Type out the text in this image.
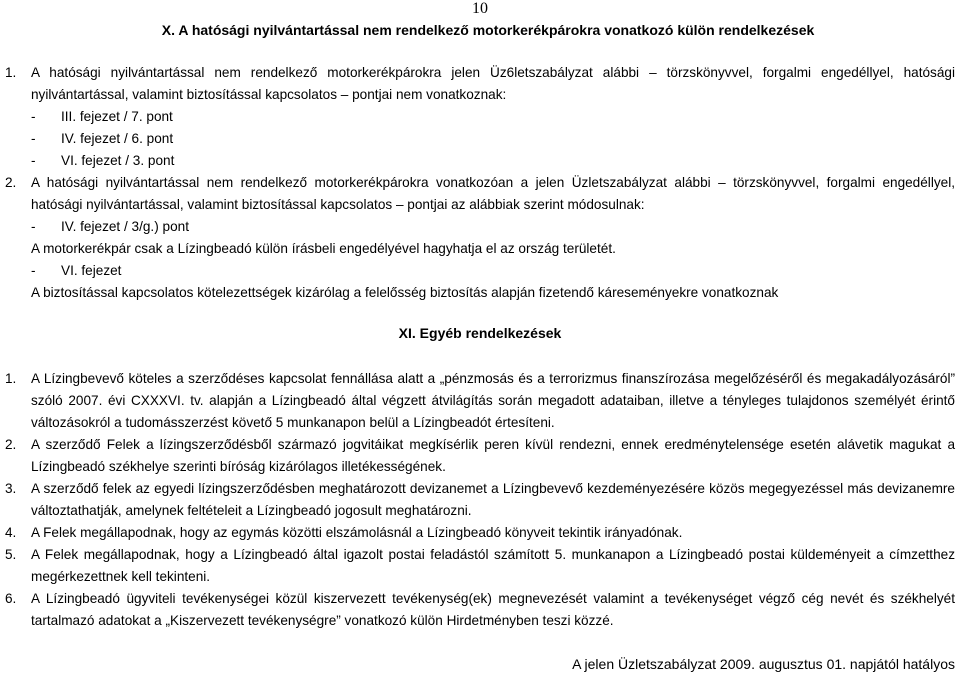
10
X. A hatósági nyilvántartással nem rendelkező motorkerékpárokra vonatkozó külön rendelkezések
1. A hatósági nyilvántartással nem rendelkező motorkerékpárokra jelen Üz6letszabályzat alábbi – törzskönyvvel, forgalmi engedéllyel, hatósági nyilvántartással, valamint biztosítással kapcsolatos – pontjai nem vonatkoznak:
- III. fejezet / 7. pont
- IV. fejezet / 6. pont
- VI. fejezet / 3. pont
2. A hatósági nyilvántartással nem rendelkező motorkerékpárokra vonatkozóan a jelen Üzletszabályzat alábbi – törzskönyvvel, forgalmi engedéllyel, hatósági nyilvántartással, valamint biztosítással kapcsolatos – pontjai az alábbiak szerint módosulnak:
- IV. fejezet / 3/g.) pont
A motorkerékpár csak a Lízingbeadó külön írásbeli engedélyével hagyhatja el az ország területét.
- VI. fejezet
A biztosítással kapcsolatos kötelezettségek kizárólag a felelősség biztosítás alapján fizetendő káreseményekre vonatkoznak
XI. Egyéb rendelkezések
1. A Lízingbevevő köteles a szerződéses kapcsolat fennállása alatt a „pénzmosás és a terrorizmus finanszírozása megelőzéséről és megakadályozásáról” szóló 2007. évi CXXXVI. tv. alapján a Lízingbeadó által végzett átvilágítás során megadott adataiban, illetve a tényleges tulajdonos személyét érintő változásokról a tudomásszerzést követő 5 munkanapon belül a Lízingbeadót értesíteni.
2. A szerződő Felek a lízingszerződésből származó jogvitáikat megkísérlik peren kívül rendezni, ennek eredménytelensége esetén alávetik magukat a Lízingbeadó székhelye szerinti bíróság kizárólagos illetékességének.
3. A szerződő felek az egyedi lízingszerződésben meghatározott devizanemet a Lízingbevevő kezdeményezésére közös megegyezéssel más devizanemre változtathatják, amelynek feltételeit a Lízingbeadó jogosult meghatározni.
4. A Felek megállapodnak, hogy az egymás közötti elszámolásnál a Lízingbeadó könyveit tekintik irányadónak.
5. A Felek megállapodnak, hogy a Lízingbeadó által igazolt postai feladástól számított 5. munkanapon a Lízingbeadó postai küldeményeit a címzetthez megérkezettnek kell tekinteni.
6. A Lízingbeadó ügyviteli tevékenységei közül kiszervezett tevékenység(ek) megnevezését valamint a tevékenységet végző cég nevét és székhelyét tartalmazó adatokat a „Kiszervezett tevékenységre” vonatkozó külön Hirdetményben teszi közzé.
A jelen Üzletszabályzat 2009. augusztus 01. napjától hatályos
